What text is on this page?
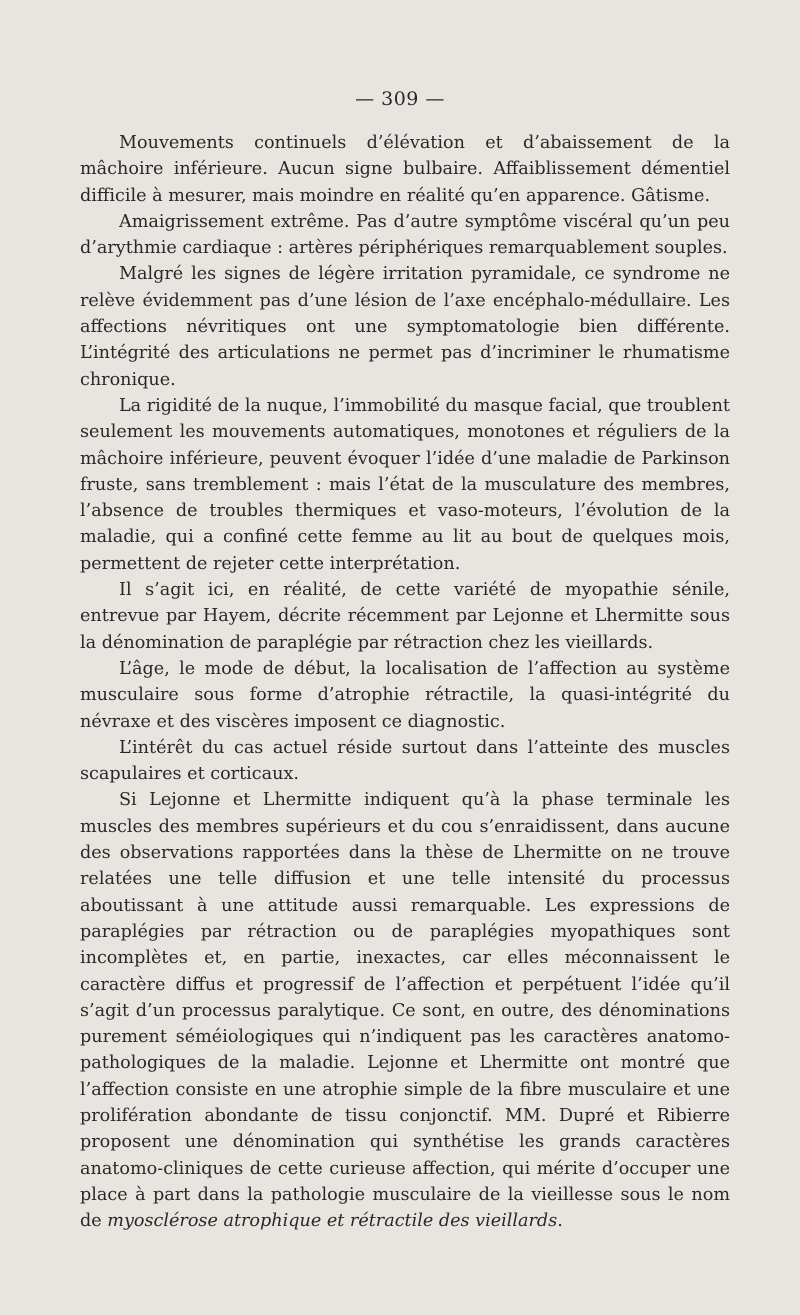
— 309 —

Mouvements continuels d’élévation et d’abaissement de la mâchoire inférieure. Aucun signe bulbaire. Affaiblissement démentiel difficile à mesurer, mais moindre en réalité qu’en apparence. Gâtisme.

Amaigrissement extrême. Pas d’autre symptôme viscéral qu’un peu d’arythmie cardiaque : artères périphériques remarquablement souples.

Malgré les signes de légère irritation pyramidale, ce syndrome ne relève évidemment pas d’une lésion de l’axe encéphalo-médullaire. Les affections névritiques ont une symptomatologie bien différente. L’intégrité des articulations ne permet pas d’incriminer le rhumatisme chronique.

La rigidité de la nuque, l’immobilité du masque facial, que troublent seulement les mouvements automatiques, monotones et réguliers de la mâchoire inférieure, peuvent évoquer l’idée d’une maladie de Parkinson fruste, sans tremblement : mais l’état de la musculature des membres, l’absence de troubles thermiques et vaso-moteurs, l’évolution de la maladie, qui a confiné cette femme au lit au bout de quelques mois, permettent de rejeter cette interprétation.

Il s’agit ici, en réalité, de cette variété de myopathie sénile, entrevue par Hayem, décrite récemment par Lejonne et Lhermitte sous la dénomination de paraplégie par rétraction chez les vieillards.

L’âge, le mode de début, la localisation de l’affection au système musculaire sous forme d’atrophie rétractile, la quasi-intégrité du névraxe et des viscères imposent ce diagnostic.

L’intérêt du cas actuel réside surtout dans l’atteinte des muscles scapulaires et corticaux.

Si Lejonne et Lhermitte indiquent qu’à la phase terminale les muscles des membres supérieurs et du cou s’enraidissent, dans aucune des observations rapportées dans la thèse de Lhermitte on ne trouve relatées une telle diffusion et une telle intensité du processus aboutissant à une attitude aussi remarquable. Les expressions de paraplégies par rétraction ou de paraplégies myopathiques sont incomplètes et, en partie, inexactes, car elles méconnaissent le caractère diffus et progressif de l’affection et perpétuent l’idée qu’il s’agit d’un processus paralytique. Ce sont, en outre, des dénominations purement séméiologiques qui n’indiquent pas les caractères anatomo-pathologiques de la maladie. Lejonne et Lhermitte ont montré que l’affection consiste en une atrophie simple de la fibre musculaire et une prolifération abondante de tissu conjonctif. MM. Dupré et Ribierre proposent une dénomination qui synthétise les grands caractères anatomo-cliniques de cette curieuse affection, qui mérite d’occuper une place à part dans la pathologie musculaire de la vieillesse sous le nom de myosclérose atrophique et rétractile des vieillards.
